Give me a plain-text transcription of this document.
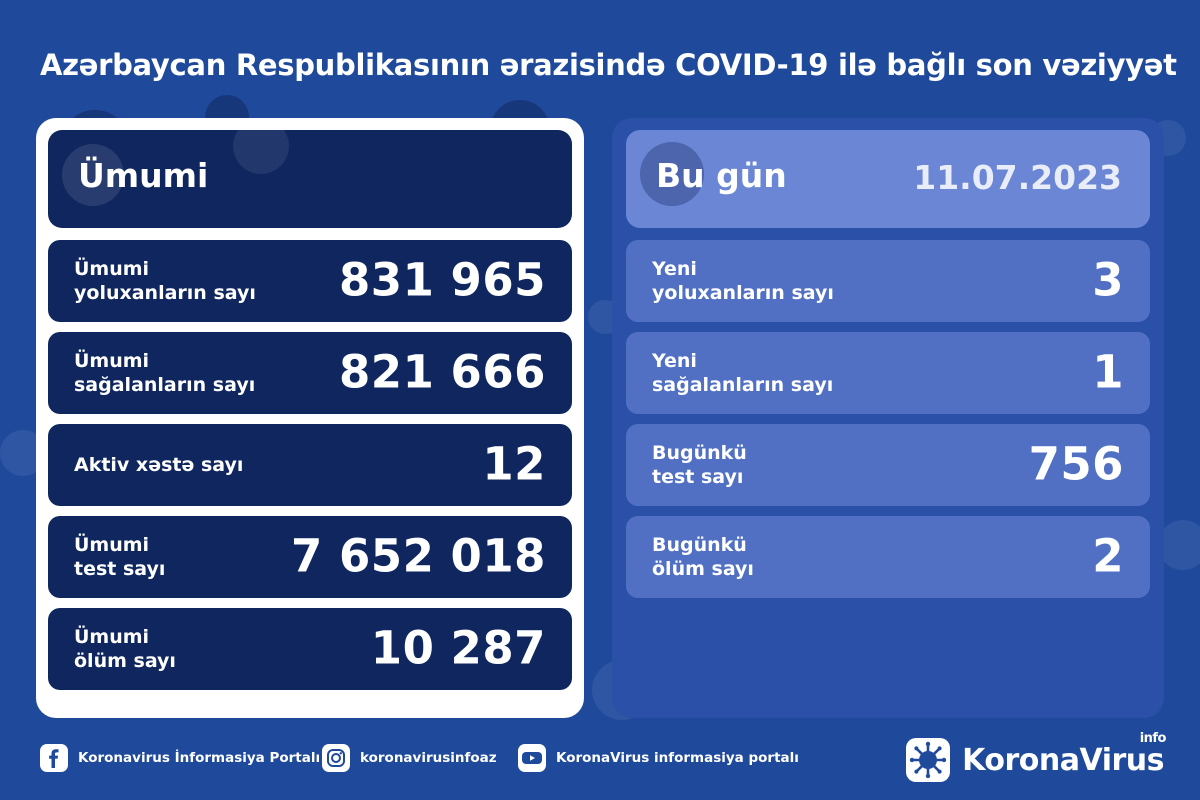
Azərbaycan Respublikasının ərazisində COVID-19 ilə bağlı son vəziyyət
Ümumi
Ümumi
yoluxanların sayı 831 965
Ümumi
sağalanların sayı 821 666
Aktiv xəstə sayı	12
Ümumi
test sayı	7 652 018
Ümumi
ölüm sayı	10 287
Bu gün	11.07.2023
Yeni
yoluxanların sayı	3
Yeni
sağalanların sayı	1
Bugünkü
test sayı	756
Bugünkü
ölüm sayı	2
Koronavirus İnformasiya Portalı	koronavirusinfoaz	KoronaVirus informasiya portalı	KoronaVirus
info
